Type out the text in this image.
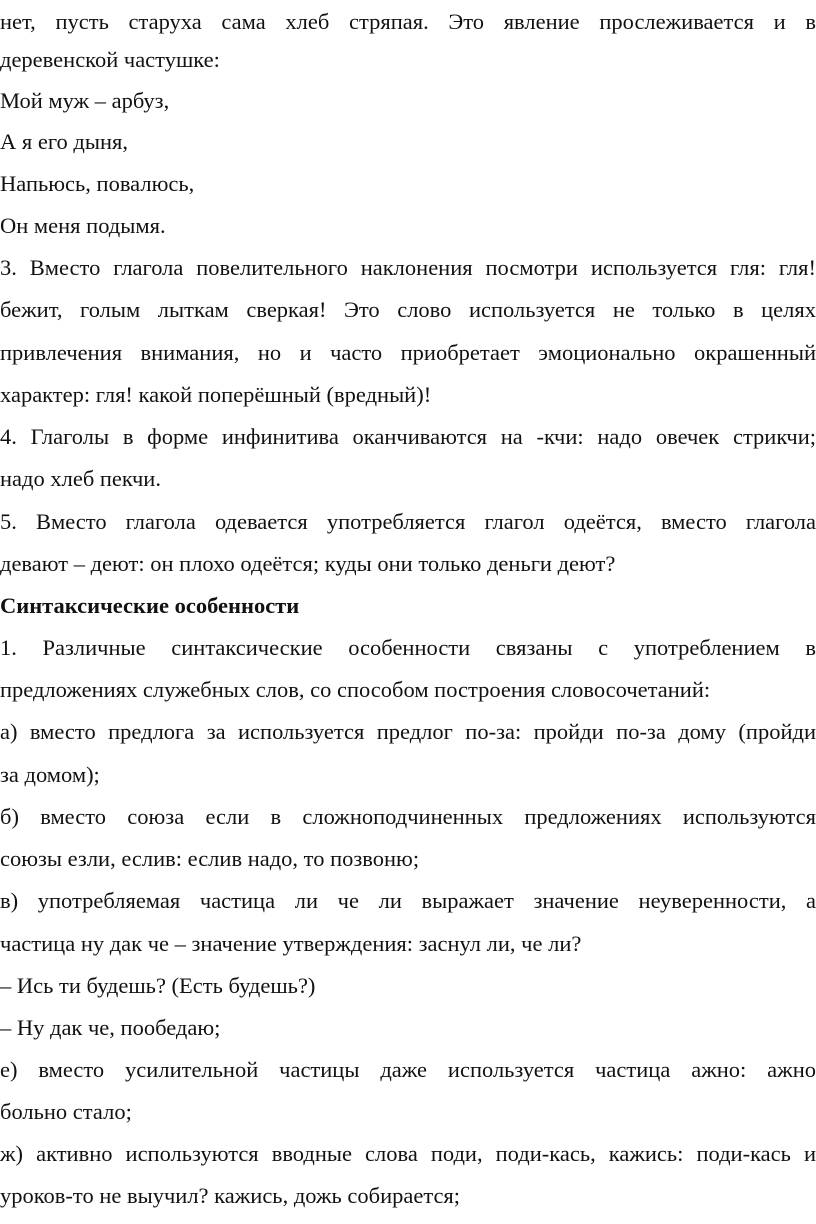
нет, пусть старуха сама хлеб стряпая. Это явление прослеживается и в
деревенской частушке:
Мой муж – арбуз,
А я его дыня,
Напьюсь, повалюсь,
Он меня подымя.
3. Вместо глагола повелительного наклонения посмотри используется гля: гля!
бежит, голым лыткам сверкая! Это слово используется не только в целях
привлечения внимания, но и часто приобретает эмоционально окрашенный
характер: гля! какой поперёшный (вредный)!
4. Глаголы в форме инфинитива оканчиваются на -кчи: надо овечек стрикчи;
надо хлеб пекчи.
5. Вместо глагола одевается употребляется глагол одеётся, вместо глагола
девают – деют: он плохо одеётся; куды они только деньги деют?
Синтаксические особенности
1. Различные синтаксические особенности связаны с употреблением в
предложениях служебных слов, со способом построения словосочетаний:
а) вместо предлога за используется предлог по-за: пройди по-за дому (пройди
за домом);
б) вместо союза если в сложноподчиненных предложениях используются
союзы езли, еслив: еслив надо, то позвоню;
в) употребляемая частица ли че ли выражает значение неуверенности, а
частица ну дак че – значение утверждения: заснул ли, че ли?
– Ись ти будешь? (Есть будешь?)
– Ну дак че, пообедаю;
е) вместо усилительной частицы даже используется частица ажно: ажно
больно стало;
ж) активно используются вводные слова поди, поди-кась, кажись: поди-кась и
уроков-то не выучил? кажись, дожь собирается;
